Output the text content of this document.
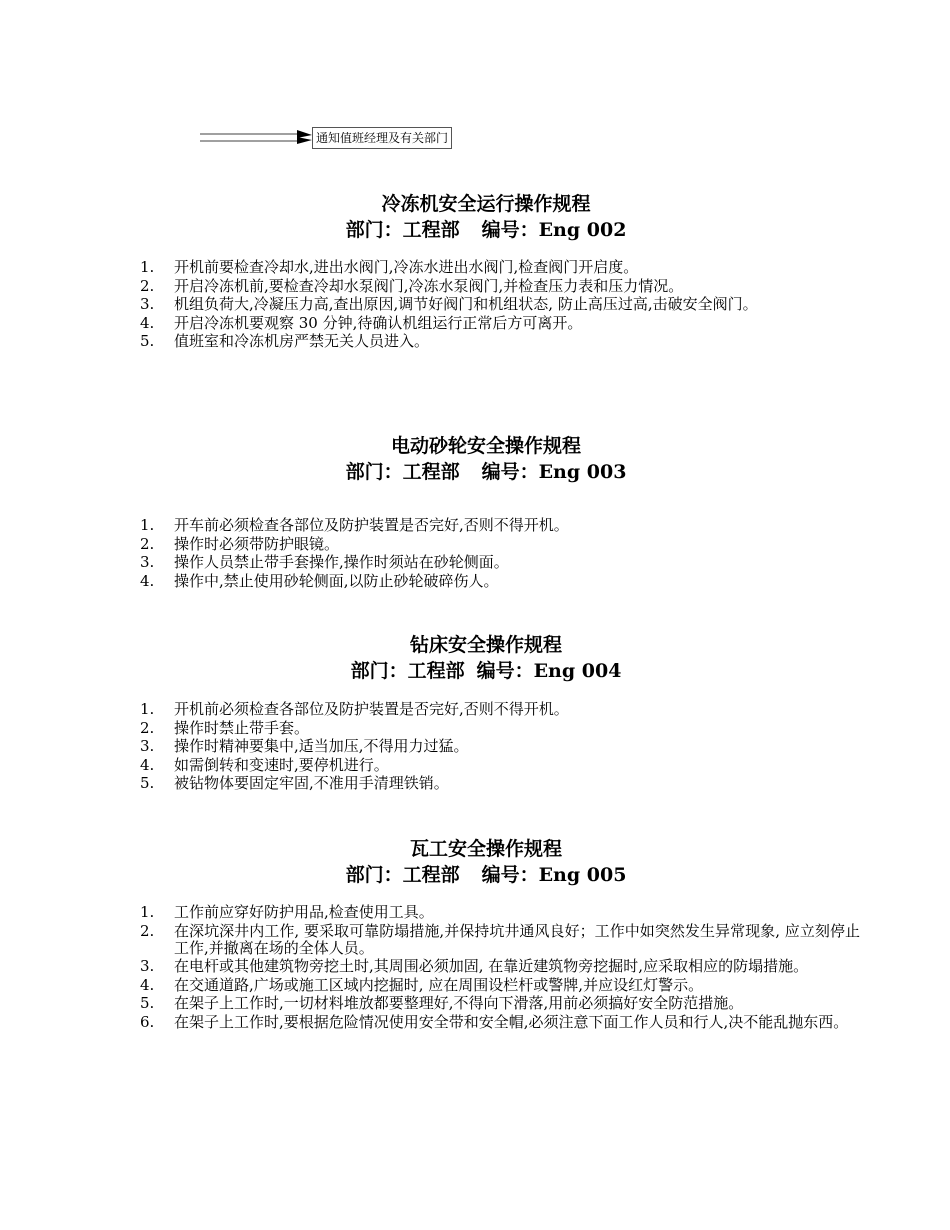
通知值班经理及有关部门

冷冻机安全运行操作规程

部门：工程部 编号：Eng 002

1.	开机前要检查冷却水,进出水阀门,冷冻水进出水阀门,检查阀门开启度。
2.	开启冷冻机前,要检查冷却水泵阀门,冷冻水泵阀门,并检查压力表和压力情况。
3.	机组负荷大,冷凝压力高,查出原因,调节好阀门和机组状态, 防止高压过高,击破安全阀门。
4.	开启冷冻机要观察 30 分钟,待确认机组运行正常后方可离开。
5.	值班室和冷冻机房严禁无关人员进入。

电动砂轮安全操作规程

部门：工程部 编号：Eng 003

1.	开车前必须检查各部位及防护装置是否完好,否则不得开机。
2.	操作时必须带防护眼镜。
3.	操作人员禁止带手套操作,操作时须站在砂轮侧面。
4.	操作中,禁止使用砂轮侧面,以防止砂轮破碎伤人。

钻床安全操作规程

部门：工程部 编号：Eng 004

1.	开机前必须检查各部位及防护装置是否完好,否则不得开机。
2.	操作时禁止带手套。
3.	操作时精神要集中,适当加压,不得用力过猛。
4.	如需倒转和变速时,要停机进行。
5.	被钻物体要固定牢固,不准用手清理铁销。

瓦工安全操作规程

部门：工程部 编号：Eng 005

1.	工作前应穿好防护用品,检查使用工具。
2.	在深坑深井内工作, 要采取可靠防塌措施,并保持坑井通风良好；工作中如突然发生异常现象, 应立刻停止工作,并撤离在场的全体人员。
3.	在电杆或其他建筑物旁挖土时,其周围必须加固, 在靠近建筑物旁挖掘时,应采取相应的防塌措施。
4.	在交通道路,广场或施工区域内挖掘时, 应在周围设栏杆或警牌,并应设红灯警示。
5.	在架子上工作时,一切材料堆放都要整理好,不得向下滑落,用前必须搞好安全防范措施。
6.	在架子上工作时,要根据危险情况使用安全带和安全帽,必须注意下面工作人员和行人,决不能乱抛东西。
